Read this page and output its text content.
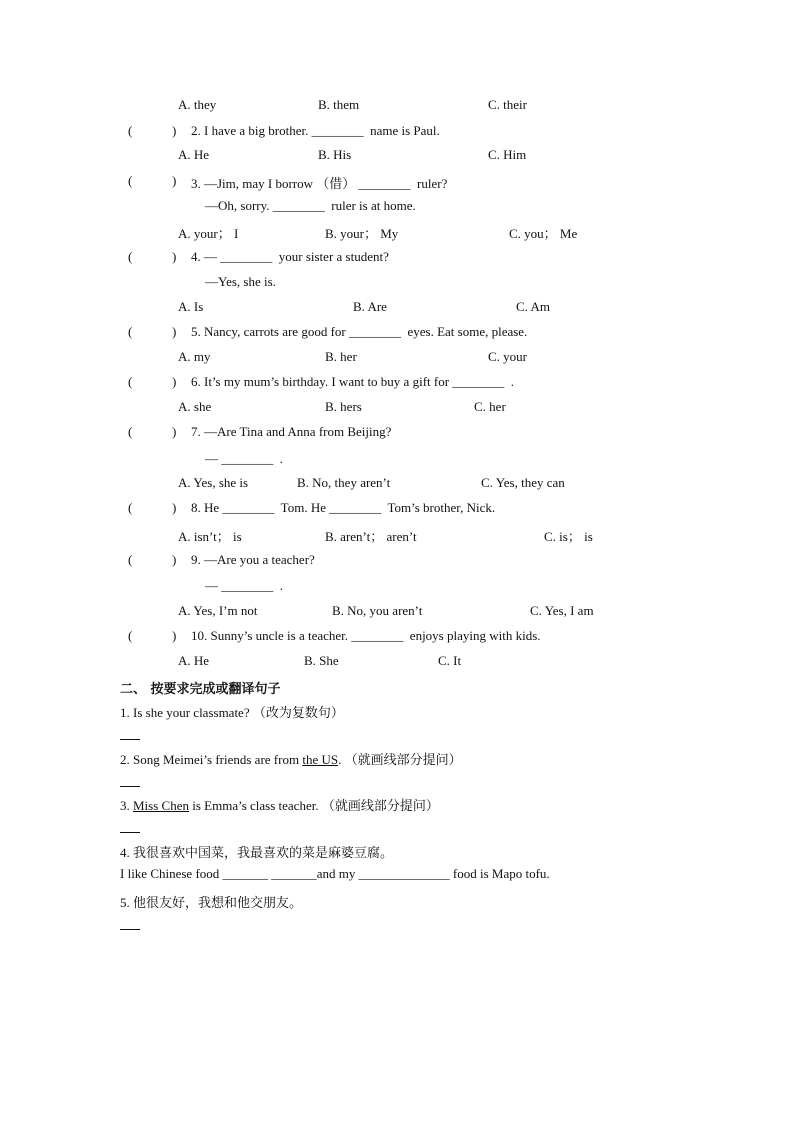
A. they	B. them	C. their
(	) 2. I have a big brother. ________  name is Paul.
A. He	B. His	C. Him
(	) 3. —Jim, may I borrow （借） ________  ruler?
—Oh, sorry. ________  ruler is at home.
A. your； I	B. your； My	C. you； Me
(	) 4. — ________  your sister a student?
—Yes, she is.
A. Is	B. Are	C. Am
(	) 5. Nancy, carrots are good for ________  eyes. Eat some, please.
A. my	B. her	C. your
(	) 6. It’s my mum’s birthday. I want to buy a gift for ________  .
A. she	B. hers	C. her
(	) 7. —Are Tina and Anna from Beijing?
— ________  .
A. Yes, she is	B. No, they aren’t	C. Yes, they can
(	) 8. He ________  Tom. He ________  Tom’s brother, Nick.
A. isn’t； is	B. aren’t； aren’t	C. is； is
(	) 9. —Are you a teacher?
— ________  .
A. Yes, I’m not	B. No, you aren’t	C. Yes, I am
(	) 10. Sunny’s uncle is a teacher. ________  enjoys playing with kids.
A. He	B. She	C. It
二、 按要求完成或翻译句子
1. Is she your classmate? （改为复数句）
2. Song Meimei’s friends are from the US. （就画线部分提问）
3. Miss Chen is Emma’s class teacher. （就画线部分提问）
4. 我很喜欢中国菜，我最喜欢的菜是麻婆豆腐。
I like Chinese food _______ _______and my ______________ food is Mapo tofu.
5. 他很友好，我想和他交朋友。
